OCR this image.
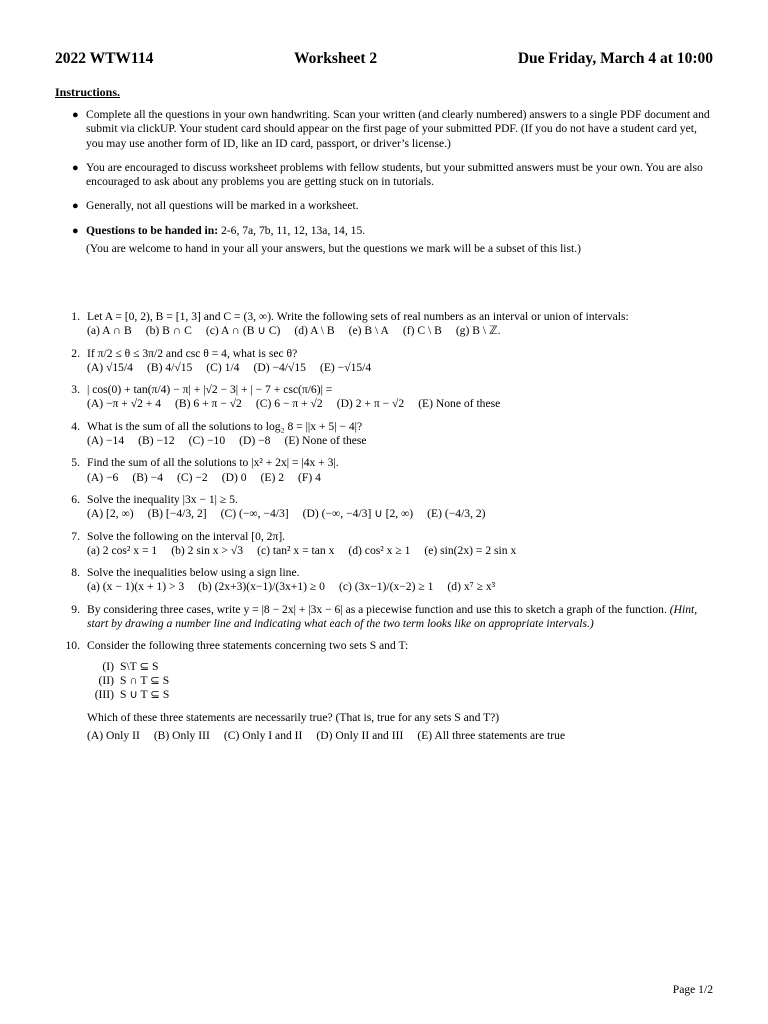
2022 WTW114	Worksheet 2	Due Friday, March 4 at 10:00
Instructions.
● Complete all the questions in your own handwriting. Scan your written (and clearly numbered) answers to a single PDF document and submit via clickUP. Your student card should appear on the first page of your submitted PDF. (If you do not have a student card yet, you may use another form of ID, like an ID card, passport, or driver’s license.)
● You are encouraged to discuss worksheet problems with fellow students, but your submitted answers must be your own. You are also encouraged to ask about any problems you are getting stuck on in tutorials.
● Generally, not all questions will be marked in a worksheet.
● Questions to be handed in: 2-6, 7a, 7b, 11, 12, 13a, 14, 15.
(You are welcome to hand in your all your answers, but the questions we mark will be a subset of this list.)
1. Let A = [0, 2), B = [1, 3] and C = (3, ∞). Write the following sets of real numbers as an interval or union of intervals:
(a) A ∩ B (b) B ∩ C (c) A ∩ (B ∪ C) (d) A \ B (e) B \ A (f) C \ B (g) B \ ℤ.
2. If π/2 ≤ θ ≤ 3π/2 and csc θ = 4, what is sec θ?
(A) √15/4 (B) 4/√15 (C) 1/4 (D) −4/√15 (E) −√15/4
3. | cos(0) + tan(π/4) − π| + |√2 − 3| + | − 7 + csc(π/6)| =
(A) −π + √2 + 4 (B) 6 + π − √2 (C) 6 − π + √2 (D) 2 + π − √2 (E) None of these
4. What is the sum of all the solutions to log₂ 8 = ||x + 5| − 4|?
(A) −14 (B) −12 (C) −10 (D) −8 (E) None of these
5. Find the sum of all the solutions to |x² + 2x| = |4x + 3|.
(A) −6 (B) −4 (C) −2 (D) 0 (E) 2 (F) 4
6. Solve the inequality |3x − 1| ≥ 5.
(A) [2, ∞) (B) [−4/3, 2] (C) (−∞, −4/3] (D) (−∞, −4/3] ∪ [2, ∞) (E) (−4/3, 2)
7. Solve the following on the interval [0, 2π].
(a) 2 cos² x = 1 (b) 2 sin x > √3 (c) tan² x = tan x (d) cos² x ≥ 1 (e) sin(2x) = 2 sin x
8. Solve the inequalities below using a sign line.
(a) (x − 1)(x + 1) > 3 (b) (2x+3)(x−1)/(3x+1) ≥ 0 (c) (3x−1)/(x−2) ≥ 1 (d) x⁷ ≥ x³
9. By considering three cases, write y = |8 − 2x| + |3x − 6| as a piecewise function and use this to sketch a graph of the function. (Hint, start by drawing a number line and indicating what each of the two term looks like on appropriate intervals.)
10. Consider the following three statements concerning two sets S and T:
(I) S\T ⊆ S
(II) S ∩ T ⊆ S
(III) S ∪ T ⊆ S
Which of these three statements are necessarily true? (That is, true for any sets S and T?)
(A) Only II (B) Only III (C) Only I and II (D) Only II and III (E) All three statements are true
Page 1/2
